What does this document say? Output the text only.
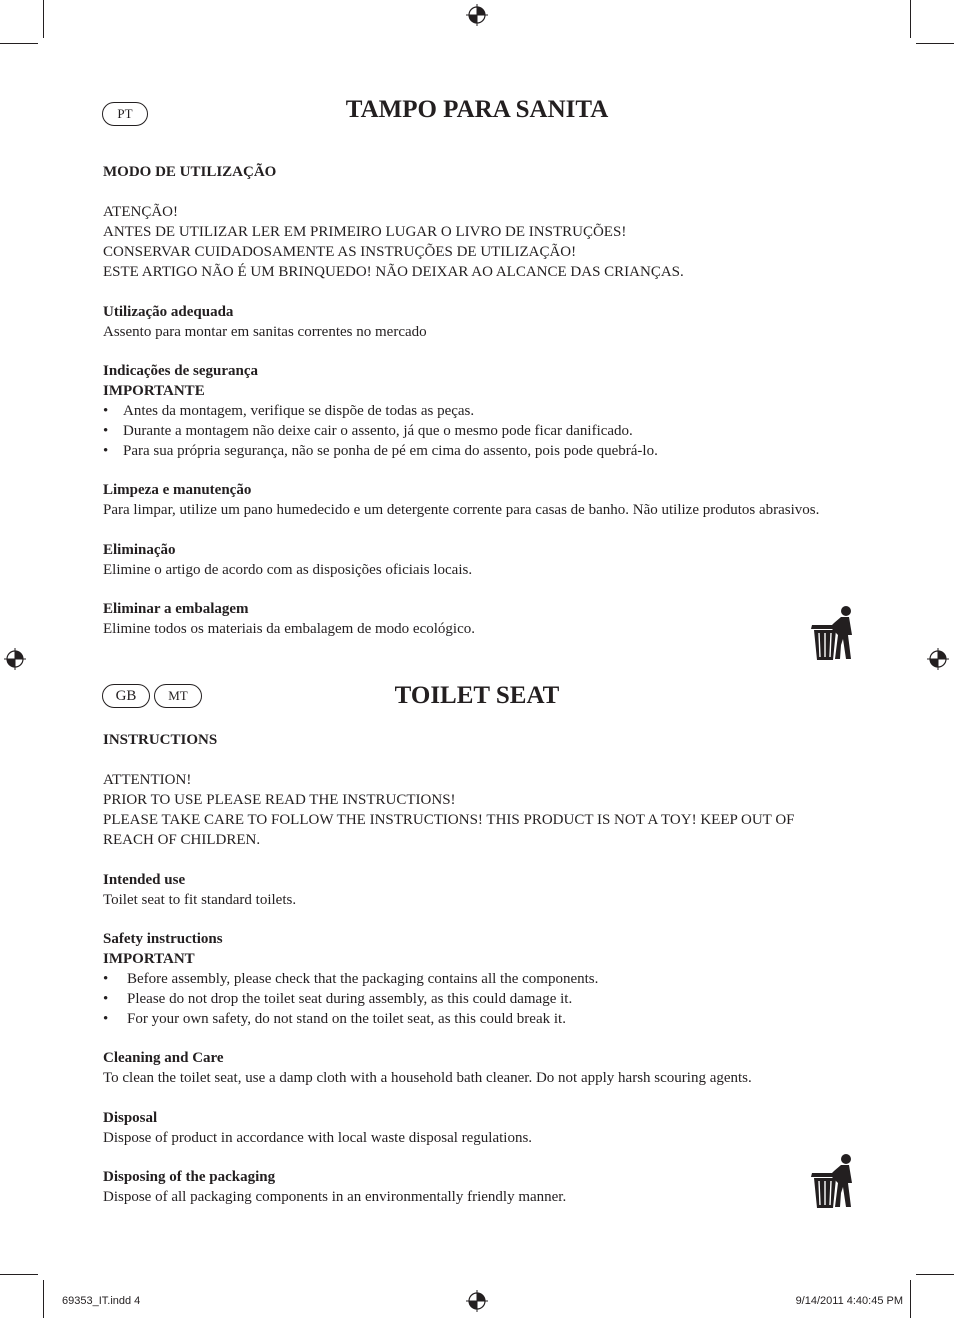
PT	TAMPO PARA SANITA
MODO DE UTILIZAÇÃO
ATENÇÃO!
ANTES DE UTILIZAR LER EM PRIMEIRO LUGAR O LIVRO DE INSTRUÇÕES!
CONSERVAR CUIDADOSAMENTE AS INSTRUÇÕES DE UTILIZAÇÃO!
ESTE ARTIGO NÃO É UM BRINQUEDO! NÃO DEIXAR AO ALCANCE DAS CRIANÇAS.
Utilização adequada
Assento para montar em sanitas correntes no mercado
Indicações de segurança
IMPORTANTE
• Antes da montagem, verifique se dispõe de todas as peças.
• Durante a montagem não deixe cair o assento, já que o mesmo pode ficar danificado.
• Para sua própria segurança, não se ponha de pé em cima do assento, pois pode quebrá-lo.
Limpeza e manutenção
Para limpar, utilize um pano humedecido e um detergente corrente para casas de banho. Não utilize produtos abrasivos.
Eliminação
Elimine o artigo de acordo com as disposições oficiais locais.
Eliminar a embalagem
Elimine todos os materiais da embalagem de modo ecológico.
GB	MT	TOILET SEAT
INSTRUCTIONS
ATTENTION!
PRIOR TO USE PLEASE READ THE INSTRUCTIONS!
PLEASE TAKE CARE TO FOLLOW THE INSTRUCTIONS! THIS PRODUCT IS NOT A TOY! KEEP OUT OF REACH OF CHILDREN.
Intended use
Toilet seat to fit standard toilets.
Safety instructions
IMPORTANT
• Before assembly, please check that the packaging contains all the components.
• Please do not drop the toilet seat during assembly, as this could damage it.
• For your own safety, do not stand on the toilet seat, as this could break it.
Cleaning and Care
To clean the toilet seat, use a damp cloth with a household bath cleaner. Do not apply harsh scouring agents.
Disposal
Dispose of product in accordance with local waste disposal regulations.
Disposing of the packaging
Dispose of all packaging components in an environmentally friendly manner.
69353_IT.indd 4	9/14/2011 4:40:45 PM
